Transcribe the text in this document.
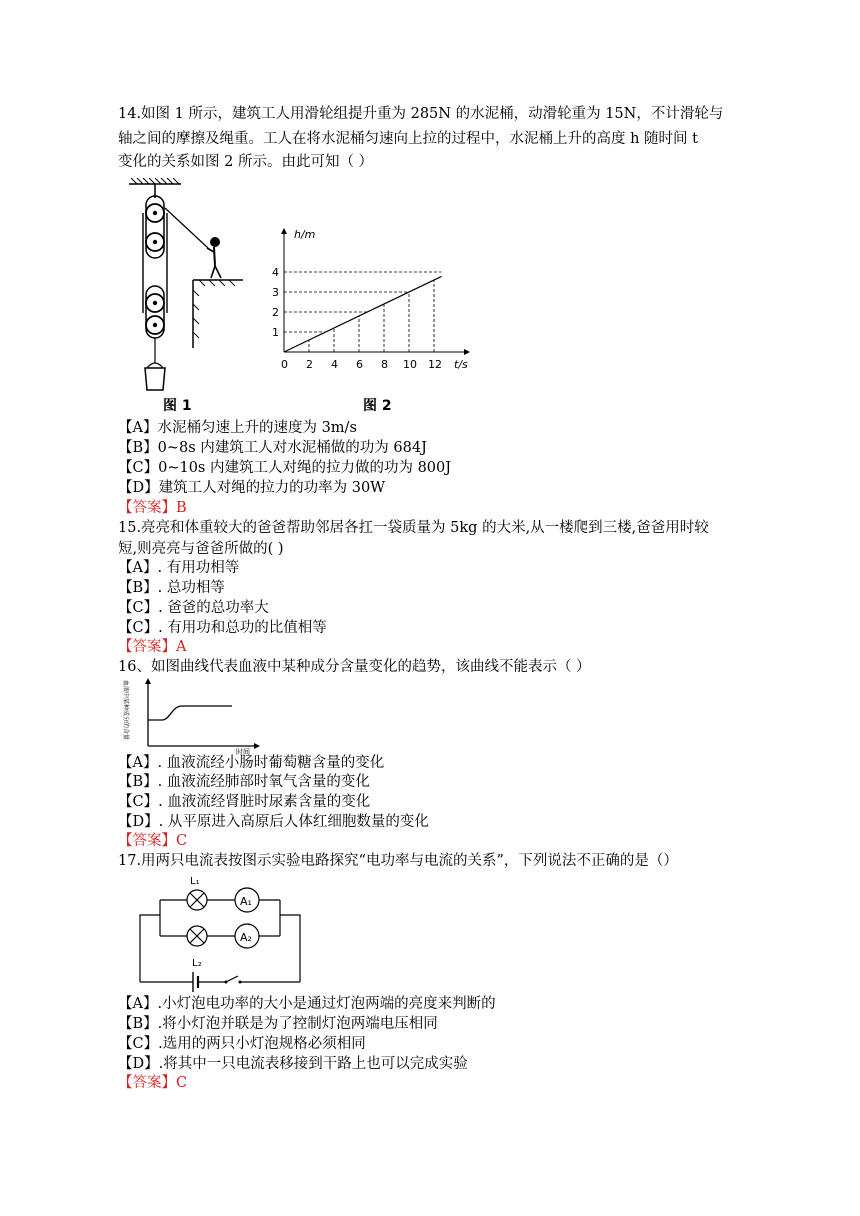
14.如图 1 所示，建筑工人用滑轮组提升重为 285N 的水泥桶，动滑轮重为 15N，不计滑轮与
轴之间的摩擦及绳重。工人在将水泥桶匀速向上拉的过程中，水泥桶上升的高度 h 随时间 t
变化的关系如图 2 所示。由此可知（ ）
h/m
t/s
0 2 4 6 8 10 12
1
2
3
4
图 1	图 2
【A】水泥桶匀速上升的速度为 3m/s
【B】0~8s 内建筑工人对水泥桶做的功为 684J
【C】0~10s 内建筑工人对绳的拉力做的功为 800J
【D】建筑工人对绳的拉力的功率为 30W
【答案】B
15.亮亮和体重较大的爸爸帮助邻居各扛一袋质量为 5kg 的大米,从一楼爬到三楼,爸爸用时较
短,则亮亮与爸爸所做的( )
【A】. 有用功相等
【B】. 总功相等
【C】. 爸爸的总功率大
【C】. 有用功和总功的比值相等
【答案】A
16、如图曲线代表血液中某种成分含量变化的趋势，该曲线不能表示（ ）
血液中某种成分的含量
时间
【A】. 血液流经小肠时葡萄糖含量的变化
【B】. 血液流经肺部时氧气含量的变化
【C】. 血液流经肾脏时尿素含量的变化
【D】. 从平原进入高原后人体红细胞数量的变化
【答案】C
17.用两只电流表按图示实验电路探究“电功率与电流的关系”，下列说法不正确的是（）
A₁
L₁
A₂
L₂
【A】.小灯泡电功率的大小是通过灯泡两端的亮度来判断的
【B】.将小灯泡并联是为了控制灯泡两端电压相同
【C】.选用的两只小灯泡规格必须相同
【D】.将其中一只电流表移接到干路上也可以完成实验
【答案】C
